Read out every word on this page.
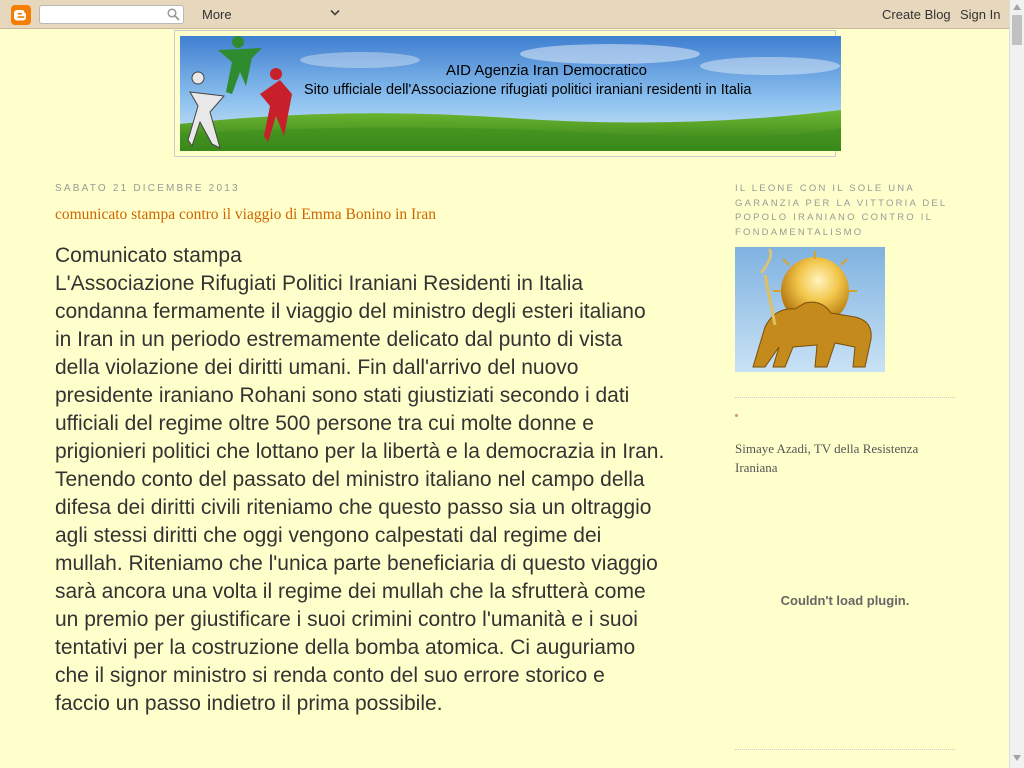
More	Create Blog Sign In
AID Agenzia Iran Democratico
Sito ufficiale dell'Associazione rifugiati politici iraniani residenti in Italia
SABATO 21 DICEMBRE 2013
comunicato stampa contro il viaggio di Emma Bonino in Iran
Comunicato stampa
L'Associazione Rifugiati Politici Iraniani Residenti in Italia condanna fermamente il viaggio del ministro degli esteri italiano in Iran in un periodo estremamente delicato dal punto di vista della violazione dei diritti umani. Fin dall'arrivo del nuovo presidente iraniano Rohani sono stati giustiziati secondo i dati ufficiali del regime oltre 500 persone tra cui molte donne e prigionieri politici che lottano per la libertà e la democrazia in Iran. Tenendo conto del passato del ministro italiano nel campo della difesa dei diritti civili riteniamo che questo passo sia un oltraggio agli stessi diritti che oggi vengono calpestati dal regime dei mullah. Riteniamo che l'unica parte beneficiaria di questo viaggio sarà ancora una volta il regime dei mullah che la sfrutterà come un premio per giustificare i suoi crimini contro l'umanità e i suoi tentativi per la costruzione della bomba atomica. Ci auguriamo che il signor ministro si renda conto del suo errore storico e faccio un passo indietro il prima possibile.
IL LEONE CON IL SOLE UNA GARANZIA PER LA VITTORIA DEL POPOLO IRANIANO CONTRO IL FONDAMENTALISMO
Simaye Azadi, TV della Resistenza Iraniana
Couldn't load plugin.
